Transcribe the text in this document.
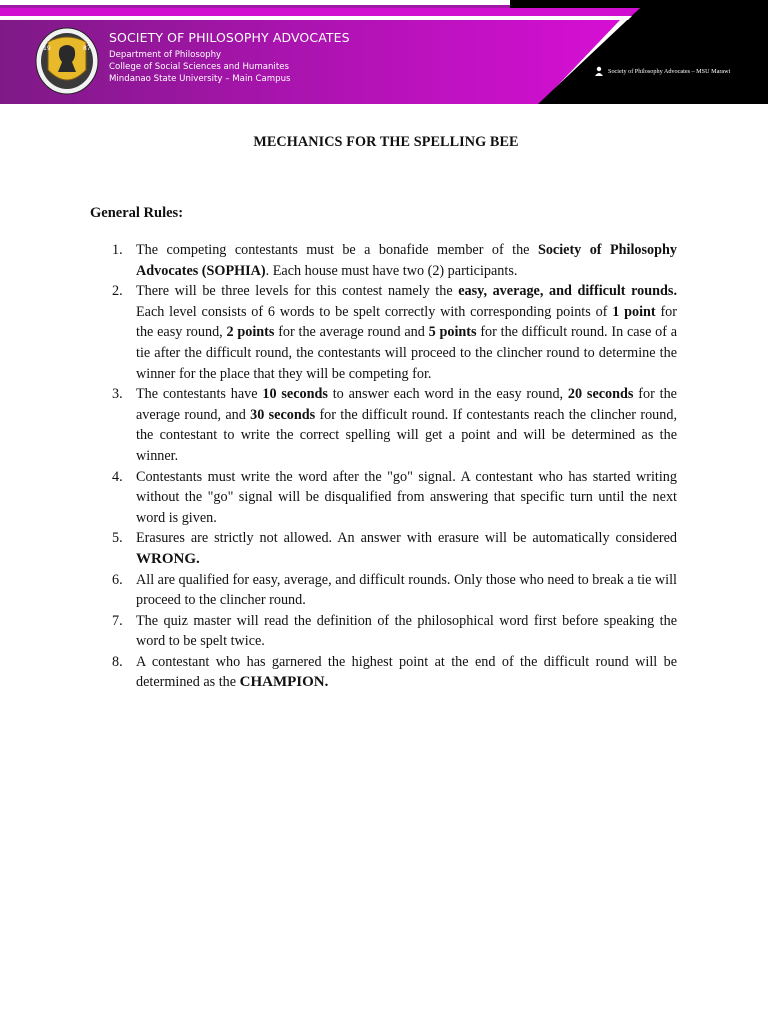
19	87

SOCIETY OF PHILOSOPHY ADVOCATES

Department of Philosophy

College of Social Sciences and Humanites

Mindanao State University – Main Campus

Society of Philosophy Advocates – MSU Marawi
MECHANICS FOR THE SPELLING BEE
General Rules:
1. The competing contestants must be a bonafide member of the Society of Philosophy Advocates (SOPHIA). Each house must have two (2) participants.
2. There will be three levels for this contest namely the easy, average, and difficult rounds. Each level consists of 6 words to be spelt correctly with corresponding points of 1 point for the easy round, 2 points for the average round and 5 points for the difficult round. In case of a tie after the difficult round, the contestants will proceed to the clincher round to determine the winner for the place that they will be competing for.
3. The contestants have 10 seconds to answer each word in the easy round, 20 seconds for the average round, and 30 seconds for the difficult round. If contestants reach the clincher round, the contestant to write the correct spelling will get a point and will be determined as the winner.
4. Contestants must write the word after the "go" signal. A contestant who has started writing without the "go" signal will be disqualified from answering that specific turn until the next word is given.
5. Erasures are strictly not allowed. An answer with erasure will be automatically considered WRONG.
6. All are qualified for easy, average, and difficult rounds. Only those who need to break a tie will proceed to the clincher round.
7. The quiz master will read the definition of the philosophical word first before speaking the word to be spelt twice.
8. A contestant who has garnered the highest point at the end of the difficult round will be determined as the CHAMPION.
